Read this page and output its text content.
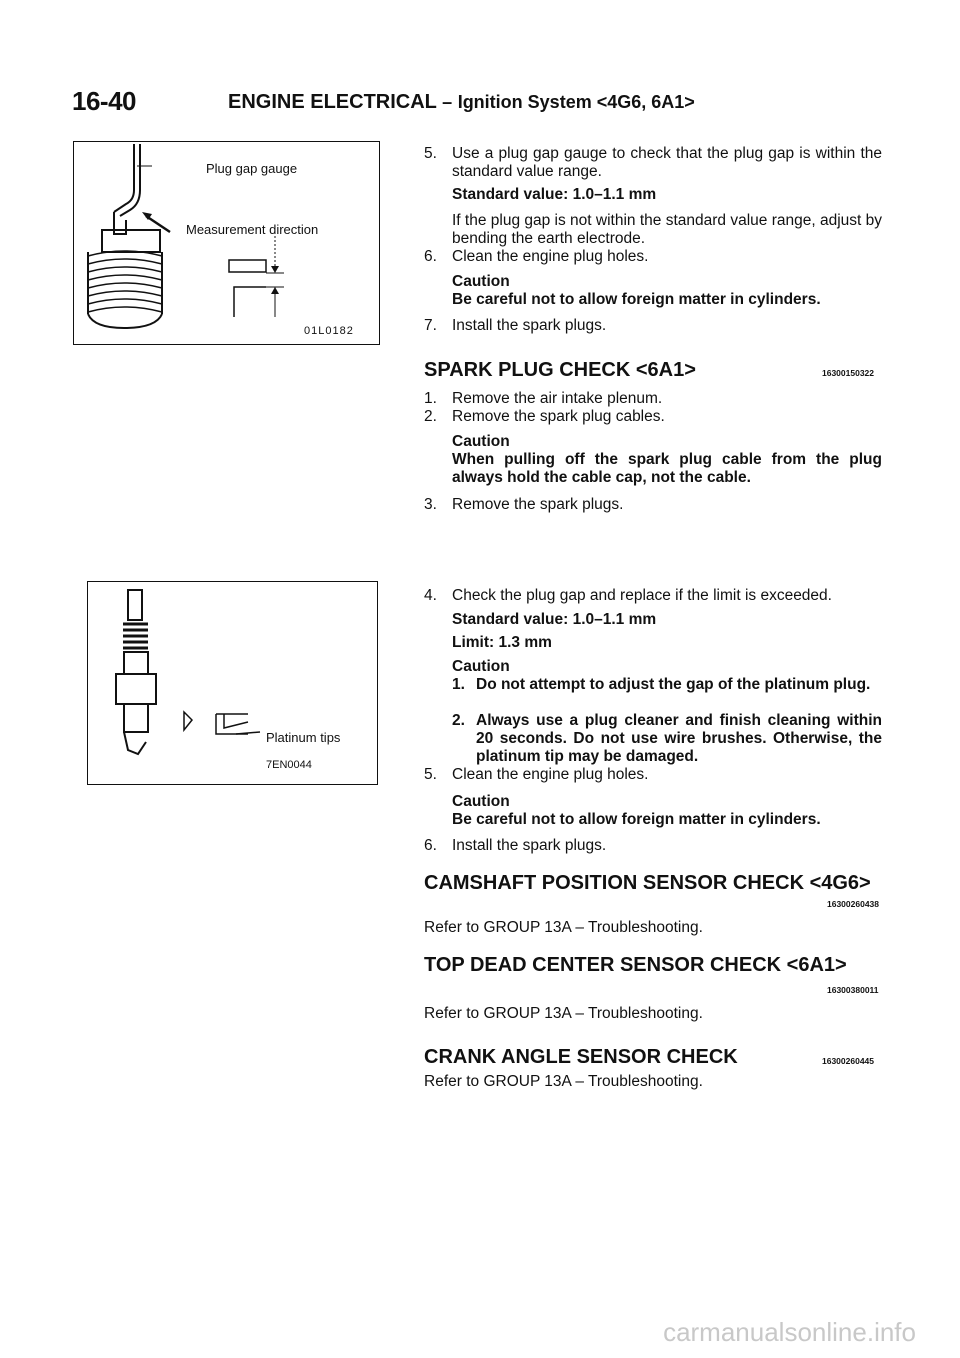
16-40	ENGINE ELECTRICAL – Ignition System <4G6, 6A1>
Plug gap gauge
Measurement direction
01L0182
Platinum tips
7EN0044
5. Use a plug gap gauge to check that the plug gap is within the standard value range.
Standard value: 1.0–1.1 mm
If the plug gap is not within the standard value range, adjust by bending the earth electrode.
6. Clean the engine plug holes.
Caution
Be careful not to allow foreign matter in cylinders.
7. Install the spark plugs.
SPARK PLUG CHECK <6A1>	16300150322
1. Remove the air intake plenum.
2. Remove the spark plug cables.
Caution
When pulling off the spark plug cable from the plug always hold the cable cap, not the cable.
3. Remove the spark plugs.
4. Check the plug gap and replace if the limit is exceeded.
Standard value: 1.0–1.1 mm
Limit: 1.3 mm
Caution
1. Do not attempt to adjust the gap of the platinum plug.
2. Always use a plug cleaner and finish cleaning within 20 seconds. Do not use wire brushes. Otherwise, the platinum tip may be damaged.
5. Clean the engine plug holes.
Caution
Be careful not to allow foreign matter in cylinders.
6. Install the spark plugs.
CAMSHAFT POSITION SENSOR CHECK <4G6>
16300260438
Refer to GROUP 13A – Troubleshooting.
TOP DEAD CENTER SENSOR CHECK <6A1>
16300380011
Refer to GROUP 13A – Troubleshooting.
CRANK ANGLE SENSOR CHECK	16300260445
Refer to GROUP 13A – Troubleshooting.
carmanualsonline.info
